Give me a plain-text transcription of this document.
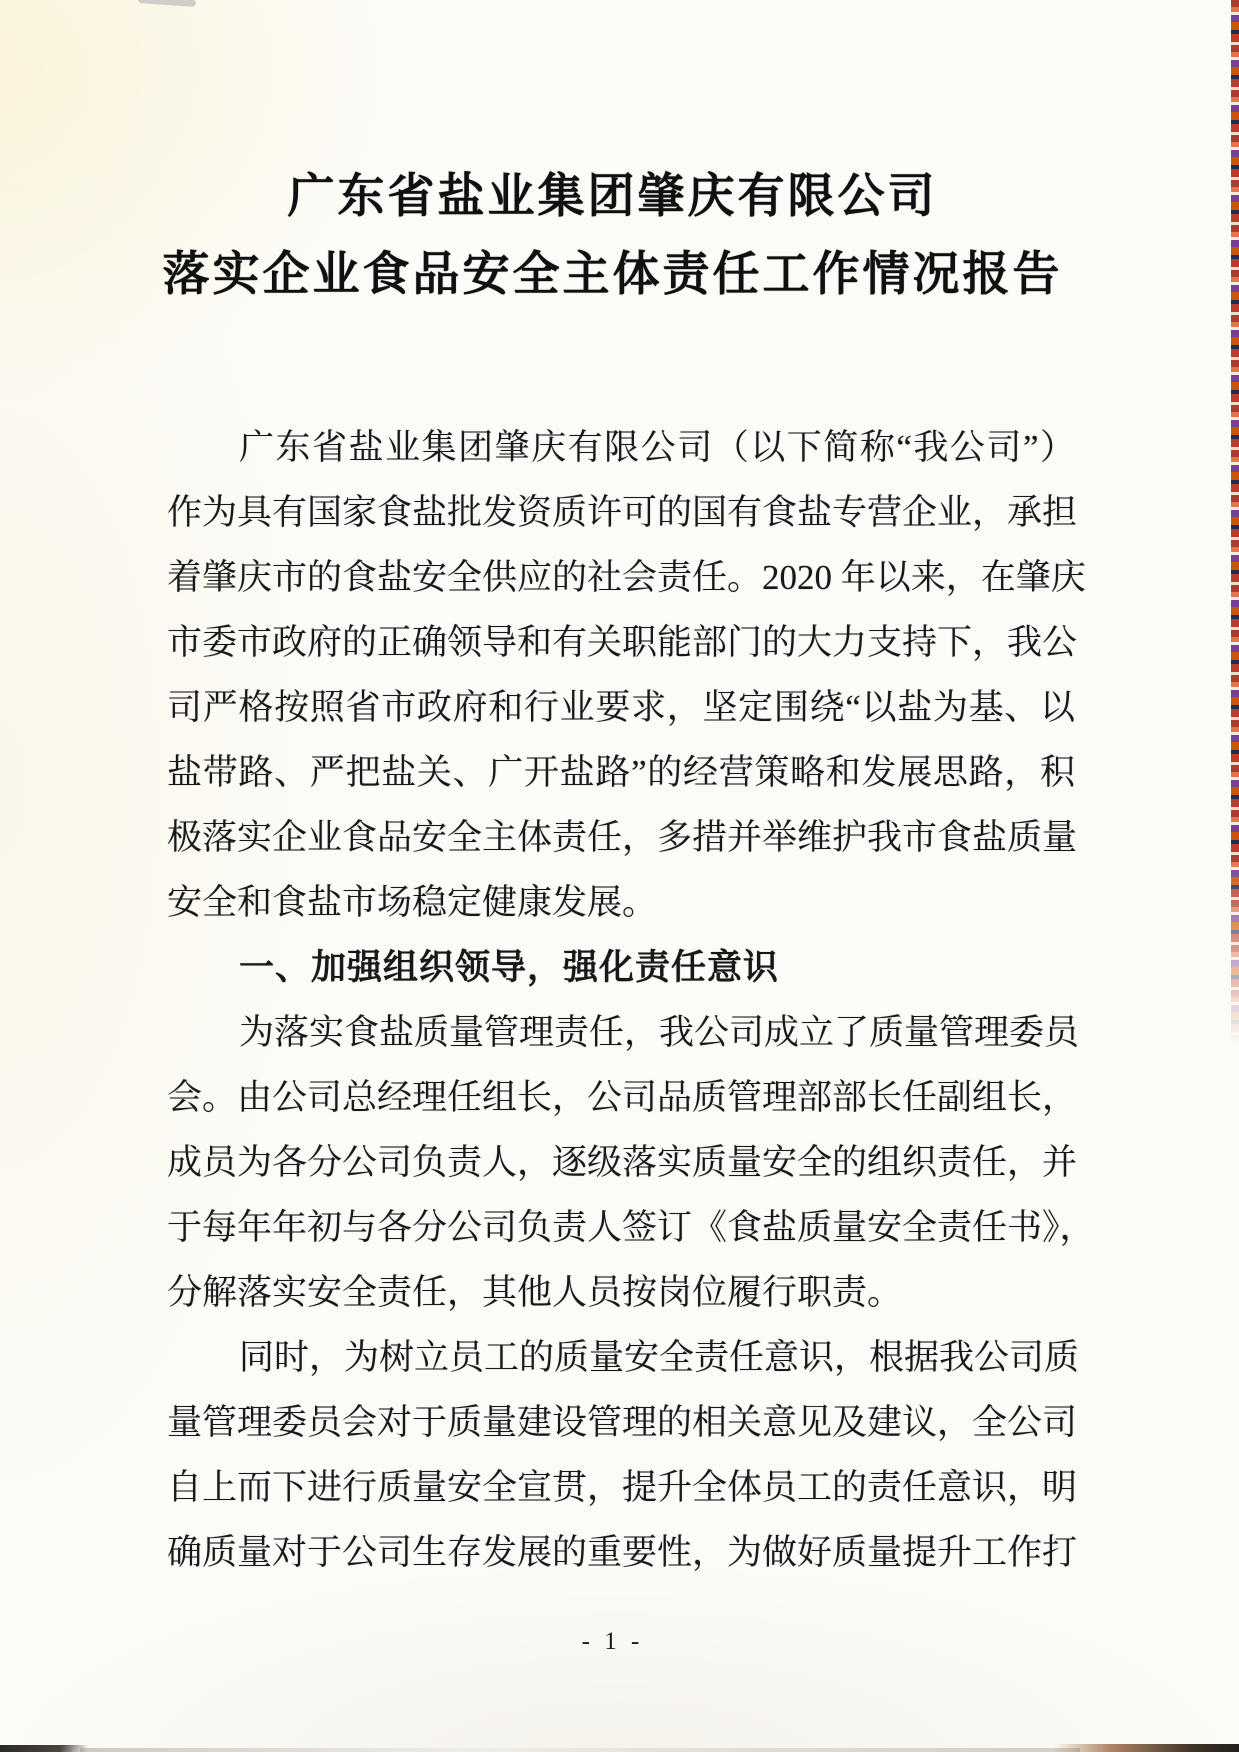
广东省盐业集团肇庆有限公司
落实企业食品安全主体责任工作情况报告
广东省盐业集团肇庆有限公司（以下简称“我公司”）
作为具有国家食盐批发资质许可的国有食盐专营企业，承担
着肇庆市的食盐安全供应的社会责任。2020 年以来，在肇庆
市委市政府的正确领导和有关职能部门的大力支持下，我公
司严格按照省市政府和行业要求，坚定围绕“以盐为基、以
盐带路、严把盐关、广开盐路”的经营策略和发展思路，积
极落实企业食品安全主体责任，多措并举维护我市食盐质量
安全和食盐市场稳定健康发展。
一、加强组织领导，强化责任意识
为落实食盐质量管理责任，我公司成立了质量管理委员
会。由公司总经理任组长，公司品质管理部部长任副组长，
成员为各分公司负责人，逐级落实质量安全的组织责任，并
于每年年初与各分公司负责人签订《食盐质量安全责任书》，
分解落实安全责任，其他人员按岗位履行职责。
同时，为树立员工的质量安全责任意识，根据我公司质
量管理委员会对于质量建设管理的相关意见及建议，全公司
自上而下进行质量安全宣贯，提升全体员工的责任意识，明
确质量对于公司生存发展的重要性，为做好质量提升工作打
- 1 -
